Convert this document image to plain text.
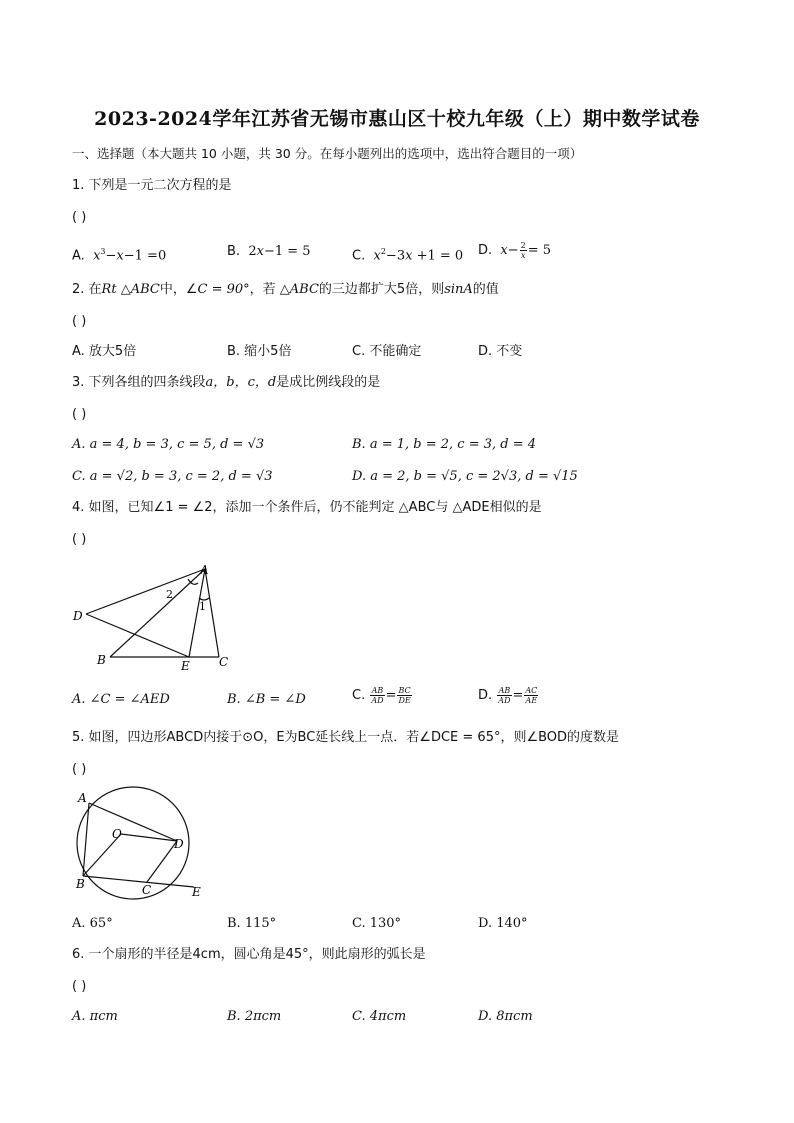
2023-2024学年江苏省无锡市惠山区十校九年级（上）期中数学试卷
一、选择题（本大题共 10 小题，共 30 分。在每小题列出的选项中，选出符合题目的一项）
1. 下列是一元二次方程的是
( )
A.  $x^3-x-1 =0$	B.  2x−1 = 5	C.  $x^2-3x +1 = 0$ D.  $x- \frac{2}{x} = 5$
2. 在Rt △ABC中，∠C = 90°，若 △ABC的三边都扩大5倍，则sinA的值
( )
A. 放大5倍	B. 缩小5倍	C. 不能确定	D. 不变
3. 下列各组的四条线段a，b，c，d是成比例线段的是
( )
A. a = 4, b = 3, c = 5, d = √3	B. a = 1, b = 2, c = 3, d = 4
C. a = √2, b = 3, c = 2, d = √3	D. a = 2, b = √5, c = 2√3, d = √15
4. 如图，已知∠1 = ∠2，添加一个条件后，仍不能判定 △ABC与 △ADE相似的是
( )
A
D
B	E C
2
1
A. ∠C = ∠AED	B. ∠B = ∠D	C. $\frac{AB}{AD} = \frac{BC}{DE}$	D. $\frac{AB}{AD} = \frac{AC}{AE}$
5. 如图，四边形ABCD内接于⊙O，E为BC延长线上一点．若∠DCE = 65°，则∠BOD的度数是
( )
A
O
D
B	C	E
A. 65°	B. 115°	C. 130°	D. 140°
6. 一个扇形的半径是4cm，圆心角是45°，则此扇形的弧长是
( )
A. πcm	B. 2πcm	C. 4πcm	D. 8πcm
